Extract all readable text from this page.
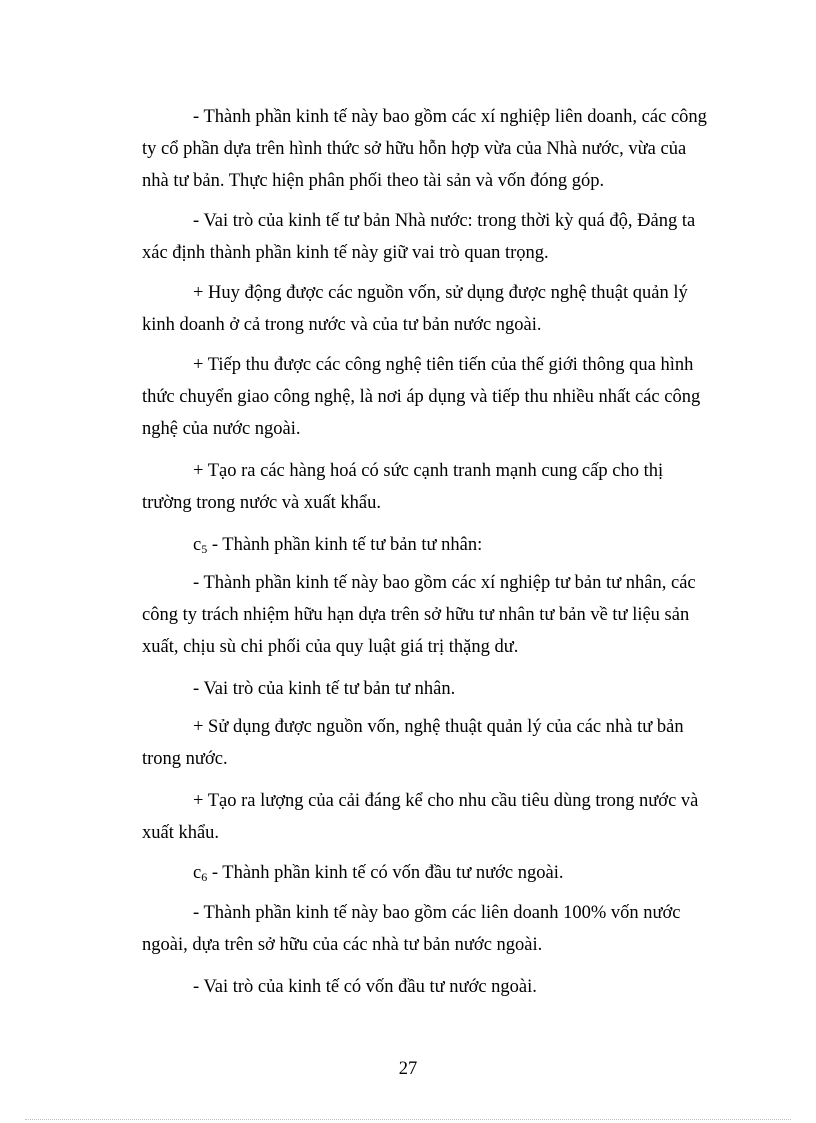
- Thành phần kinh tế này bao gồm các xí nghiệp liên doanh, các công
ty cổ phần dựa trên hình thức sở hữu hỗn hợp vừa của Nhà nước, vừa của
nhà tư bản. Thực hiện phân phối theo tài sản và vốn đóng góp.
- Vai trò của kinh tế tư bản Nhà nước: trong thời kỳ quá độ, Đảng ta
xác định thành phần kinh tế này giữ vai trò quan trọng.
+ Huy động được các nguồn vốn, sử dụng được nghệ thuật quản lý
kinh doanh ở cả trong nước và của tư bản nước ngoài.
+ Tiếp thu được các công nghệ tiên tiến của thế giới thông qua hình
thức chuyển giao công nghệ, là nơi áp dụng và tiếp thu nhiều nhất các công
nghệ của nước ngoài.
+ Tạo ra các hàng hoá có sức cạnh tranh mạnh cung cấp cho thị
trường trong nước và xuất khẩu.
$c_5$ - Thành phần kinh tế tư bản tư nhân:
- Thành phần kinh tế này bao gồm các xí nghiệp tư bản tư nhân, các
công ty trách nhiệm hữu hạn dựa trên sở hữu tư nhân tư bản về tư liệu sản
xuất, chịu sù chi phối của quy luật giá trị thặng dư.
- Vai trò của kinh tế tư bản tư nhân.
+ Sử dụng được nguồn vốn, nghệ thuật quản lý của các nhà tư bản
trong nước.
+ Tạo ra lượng của cải đáng kể cho nhu cầu tiêu dùng trong nước và
xuất khẩu.
$c_6$ - Thành phần kinh tế có vốn đầu tư nước ngoài.
- Thành phần kinh tế này bao gồm các liên doanh 100% vốn nước
ngoài, dựa trên sở hữu của các nhà tư bản nước ngoài.
- Vai trò của kinh tế có vốn đầu tư nước ngoài.
27
